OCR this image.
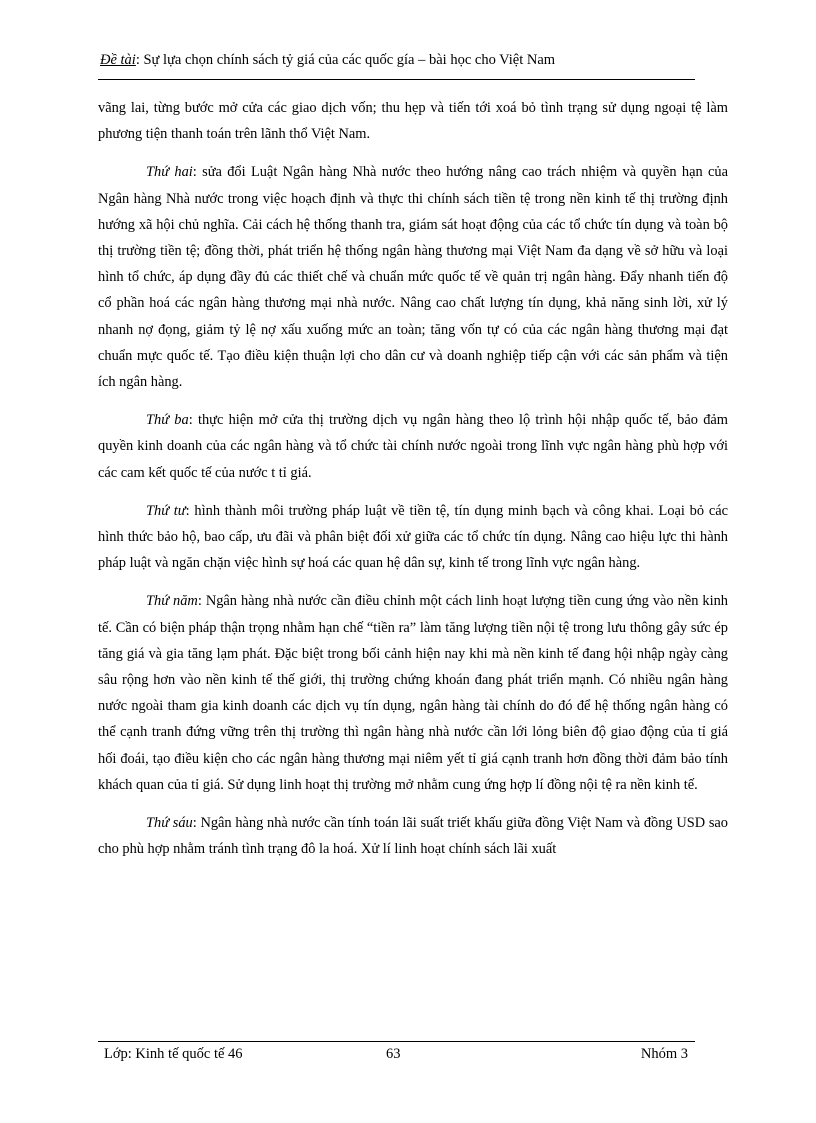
Đề tài: Sự lựa chọn chính sách tỷ giá của các quốc gía – bài học cho Việt Nam

vãng lai, từng bước mở cửa các giao dịch vốn; thu hẹp và tiến tới xoá bỏ tình trạng sử dụng ngoại tệ làm phương tiện thanh toán trên lãnh thổ Việt Nam.

Thứ hai: sửa đổi Luật Ngân hàng Nhà nước theo hướng nâng cao trách nhiệm và quyền hạn của Ngân hàng Nhà nước trong việc hoạch định và thực thi chính sách tiền tệ trong nền kinh tế thị trường định hướng xã hội chủ nghĩa. Cải cách hệ thống thanh tra, giám sát hoạt động của các tổ chức tín dụng và toàn bộ thị trường tiền tệ; đồng thời, phát triển hệ thống ngân hàng thương mại Việt Nam đa dạng về sở hữu và loại hình tổ chức, áp dụng đầy đủ các thiết chế và chuẩn mức quốc tế về quản trị ngân hàng. Đẩy nhanh tiến độ cổ phần hoá các ngân hàng thương mại nhà nước. Nâng cao chất lượng tín dụng, khả năng sinh lời, xử lý nhanh nợ đọng, giảm tỷ lệ nợ xấu xuống mức an toàn; tăng vốn tự có của các ngân hàng thương mại đạt chuẩn mực quốc tế. Tạo điều kiện thuận lợi cho dân cư và doanh nghiệp tiếp cận với các sản phẩm và tiện ích ngân hàng.

Thứ ba: thực hiện mở cửa thị trường dịch vụ ngân hàng theo lộ trình hội nhập quốc tế, bảo đảm quyền kinh doanh của các ngân hàng và tổ chức tài chính nước ngoài trong lĩnh vực ngân hàng phù hợp với các cam kết quốc tế của nước t tỉ giá.

Thứ tư: hình thành môi trường pháp luật về tiền tệ, tín dụng minh bạch và công khai. Loại bỏ các hình thức bảo hộ, bao cấp, ưu đãi và phân biệt đối xử giữa các tổ chức tín dụng. Nâng cao hiệu lực thi hành pháp luật và ngăn chặn việc hình sự hoá các quan hệ dân sự, kinh tế trong lĩnh vực ngân hàng.

Thứ năm: Ngân hàng nhà nước cần điều chỉnh một cách linh hoạt lượng tiền cung ứng vào nền kinh tế. Cần có biện pháp thận trọng nhằm hạn chế “tiền ra” làm tăng lượng tiền nội tệ trong lưu thông gây sức ép tăng giá và gia tăng lạm phát. Đặc biệt trong bối cảnh hiện nay khi mà nền kinh tế đang hội nhập ngày càng sâu rộng hơn vào nền kinh tế thế giới, thị trường chứng khoán đang phát triển mạnh. Có nhiều ngân hàng nước ngoài tham gia kinh doanh các dịch vụ tín dụng, ngân hàng tài chính do đó để hệ thống ngân hàng có thể cạnh tranh đứng vững trên thị trường thì ngân hàng nhà nước cần lới lỏng biên độ giao động của tỉ giá hối đoái, tạo điều kiện cho các ngân hàng thương mại niêm yết tỉ giá cạnh tranh hơn đồng thời đảm bảo tính khách quan của tỉ giá. Sử dụng linh hoạt thị trường mở nhằm cung ứng hợp lí đồng nội tệ ra nền kinh tế.

Thứ sáu: Ngân hàng nhà nước cần tính toán lãi suất triết khấu giữa đồng Việt Nam và đồng USD sao cho phù hợp nhằm tránh tình trạng đô la hoá. Xử lí linh hoạt chính sách lãi xuất

Lớp: Kinh tế quốc tế 46	63	Nhóm 3
